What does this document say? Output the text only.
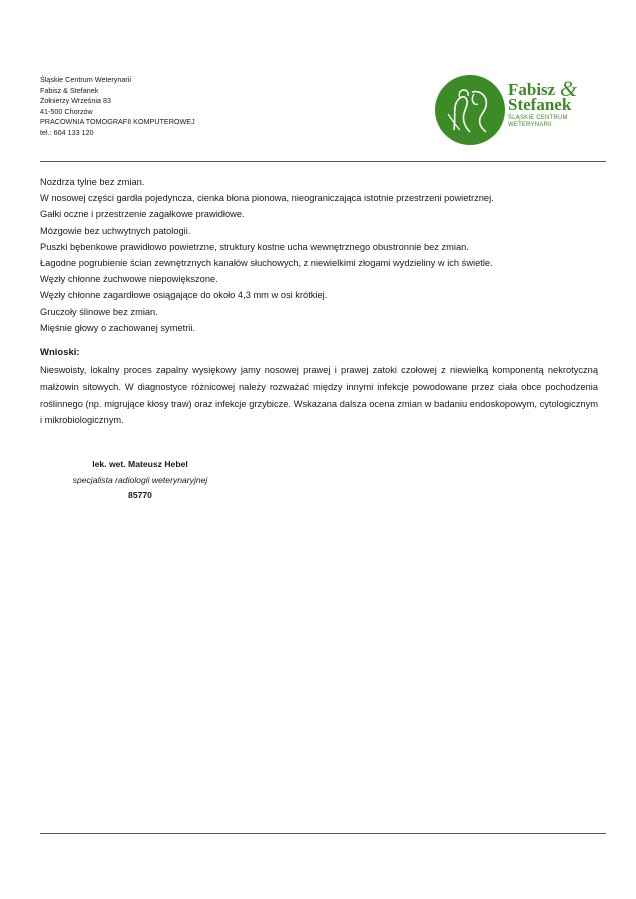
Śląskie Centrum Weterynarii
Fabisz & Stefanek
Żołnierzy Września 83
41-500 Chorzów
PRACOWNIA TOMOGRAFII KOMPUTEROWEJ
tel.: 604 133 120
Fabisz &
Stefanek
ŚLĄSKIE CENTRUM
WETERYNARII
Nozdrza tylne bez zmian.
W nosowej części gardła pojedyncza, cienka błona pionowa, nieograniczająca istotnie przestrzeni powietrznej.
Gałki oczne i przestrzenie zagałkowe prawidłowe.
Mózgowie bez uchwytnych patologii.
Puszki bębenkowe prawidłowo powietrzne, struktury kostne ucha wewnętrznego obustronnie bez zmian.
Łagodne pogrubienie ścian zewnętrznych kanałów słuchowych, z niewielkimi złogami wydzieliny w ich świetle.
Węzły chłonne żuchwowe niepowiększone.
Węzły chłonne zagardłowe osiągające do około 4,3 mm w osi krótkiej.
Gruczoły ślinowe bez zmian.
Mięśnie głowy o zachowanej symetrii.
Wnioski:
Nieswoisty, lokalny proces zapalny wysiękowy jamy nosowej prawej i prawej zatoki czołowej z niewielką komponentą nekrotyczną małżowin sitowych. W diagnostyce różnicowej należy rozważać między innymi infekcje powodowane przez ciała obce pochodzenia roślinnego (np. migrujące kłosy traw) oraz infekcje grzybicze. Wskazana dalsza ocena zmian w badaniu endoskopowym, cytologicznym i mikrobiologicznym.
lek. wet. Mateusz Hebel
specjalista radiologii weterynaryjnej
85770
